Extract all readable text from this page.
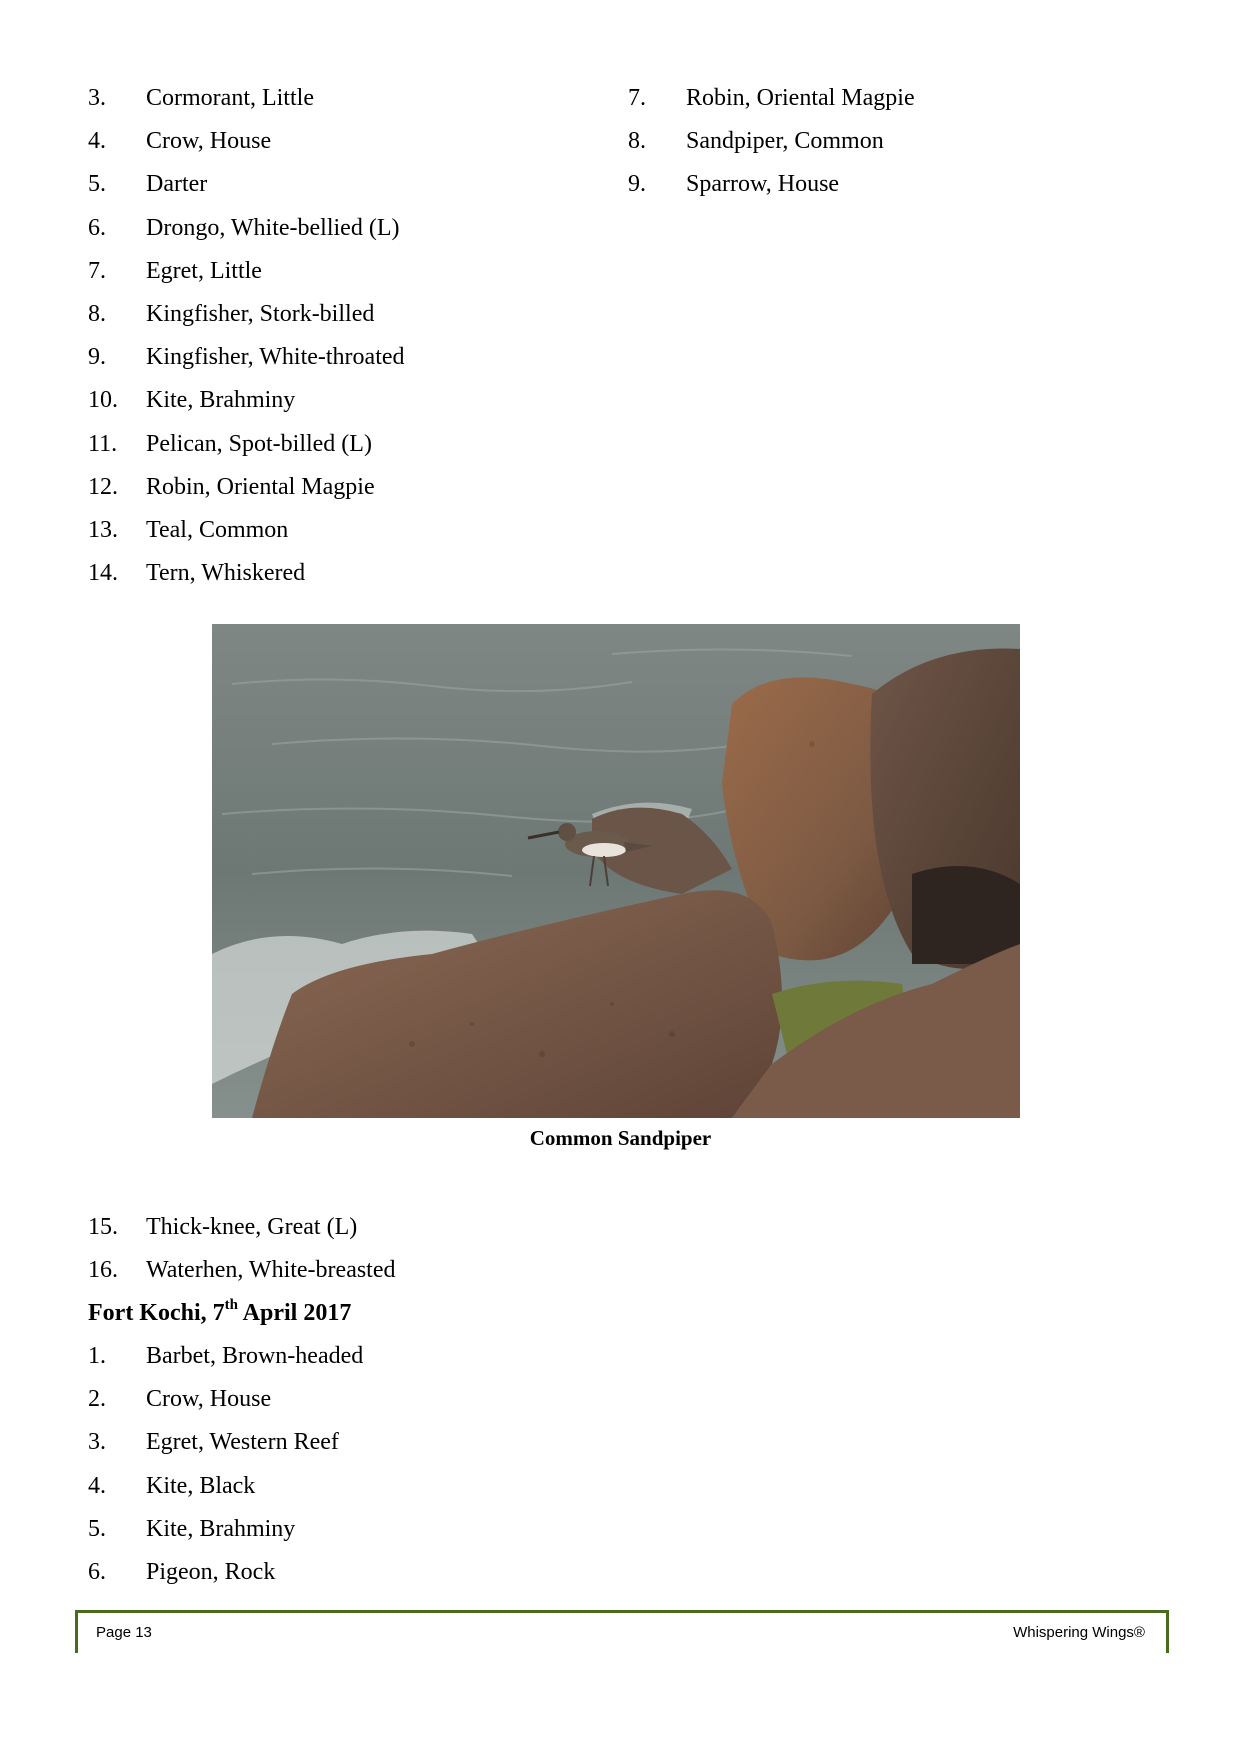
3. Cormorant, Little
4. Crow, House
5. Darter
6. Drongo, White-bellied (L)
7. Egret, Little
8. Kingfisher, Stork-billed
9. Kingfisher, White-throated
10. Kite, Brahminy
11. Pelican, Spot-billed (L)
12. Robin, Oriental Magpie
13. Teal, Common
14. Tern, Whiskered
7. Robin, Oriental Magpie
8. Sandpiper, Common
9. Sparrow, House
Common Sandpiper
15. Thick-knee, Great (L)
16. Waterhen, White-breasted
Fort Kochi, 7th April 2017
1. Barbet, Brown-headed
2. Crow, House
3. Egret, Western Reef
4. Kite, Black
5. Kite, Brahminy
6. Pigeon, Rock
Page 13	Whispering Wings®
